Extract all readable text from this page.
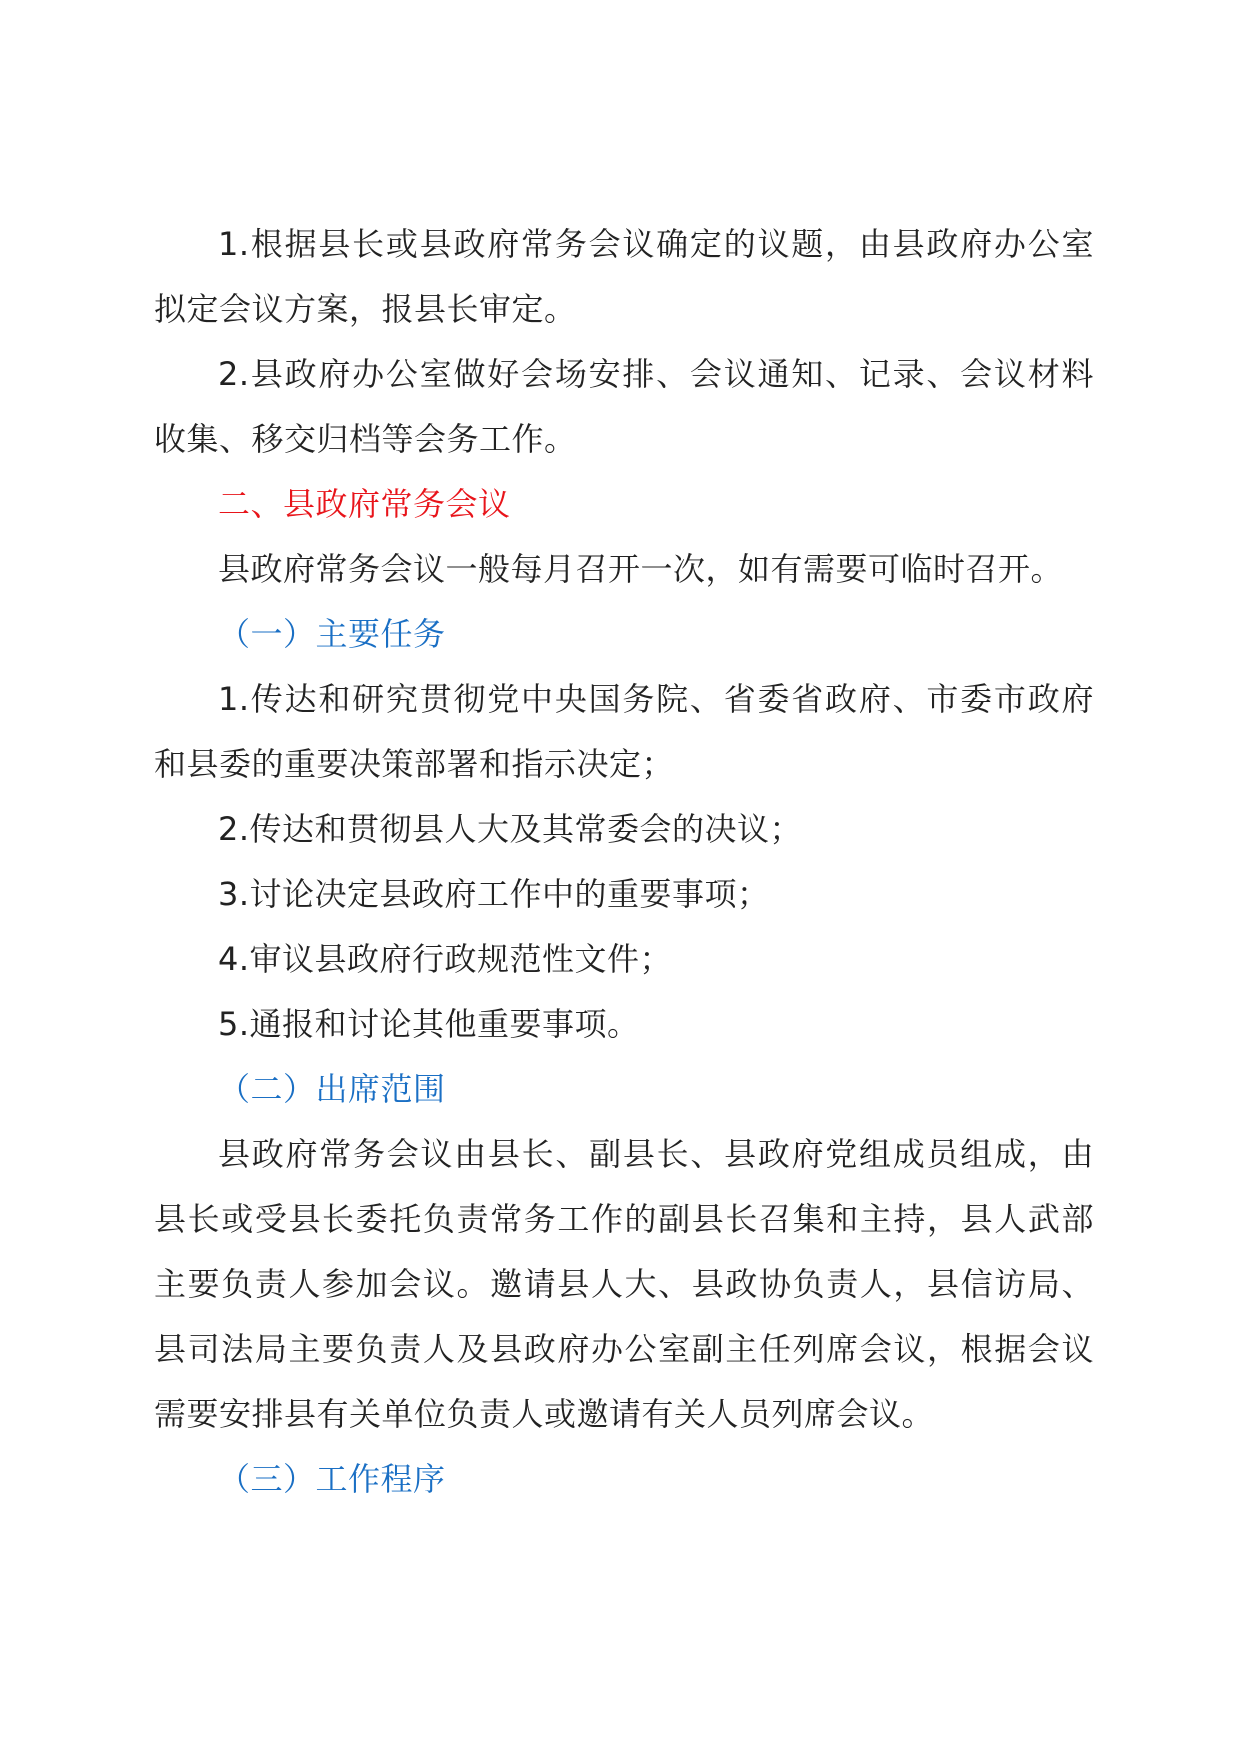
1.根据县长或县政府常务会议确定的议题，由县政府办公室拟定会议方案，报县长审定。

2.县政府办公室做好会场安排、会议通知、记录、会议材料收集、移交归档等会务工作。

二、县政府常务会议

县政府常务会议一般每月召开一次，如有需要可临时召开。

（一）主要任务

1.传达和研究贯彻党中央国务院、省委省政府、市委市政府和县委的重要决策部署和指示决定；

2.传达和贯彻县人大及其常委会的决议；

3.讨论决定县政府工作中的重要事项；

4.审议县政府行政规范性文件；

5.通报和讨论其他重要事项。

（二）出席范围

县政府常务会议由县长、副县长、县政府党组成员组成，由县长或受县长委托负责常务工作的副县长召集和主持，县人武部主要负责人参加会议。邀请县人大、县政协负责人，县信访局、县司法局主要负责人及县政府办公室副主任列席会议，根据会议需要安排县有关单位负责人或邀请有关人员列席会议。

（三）工作程序
